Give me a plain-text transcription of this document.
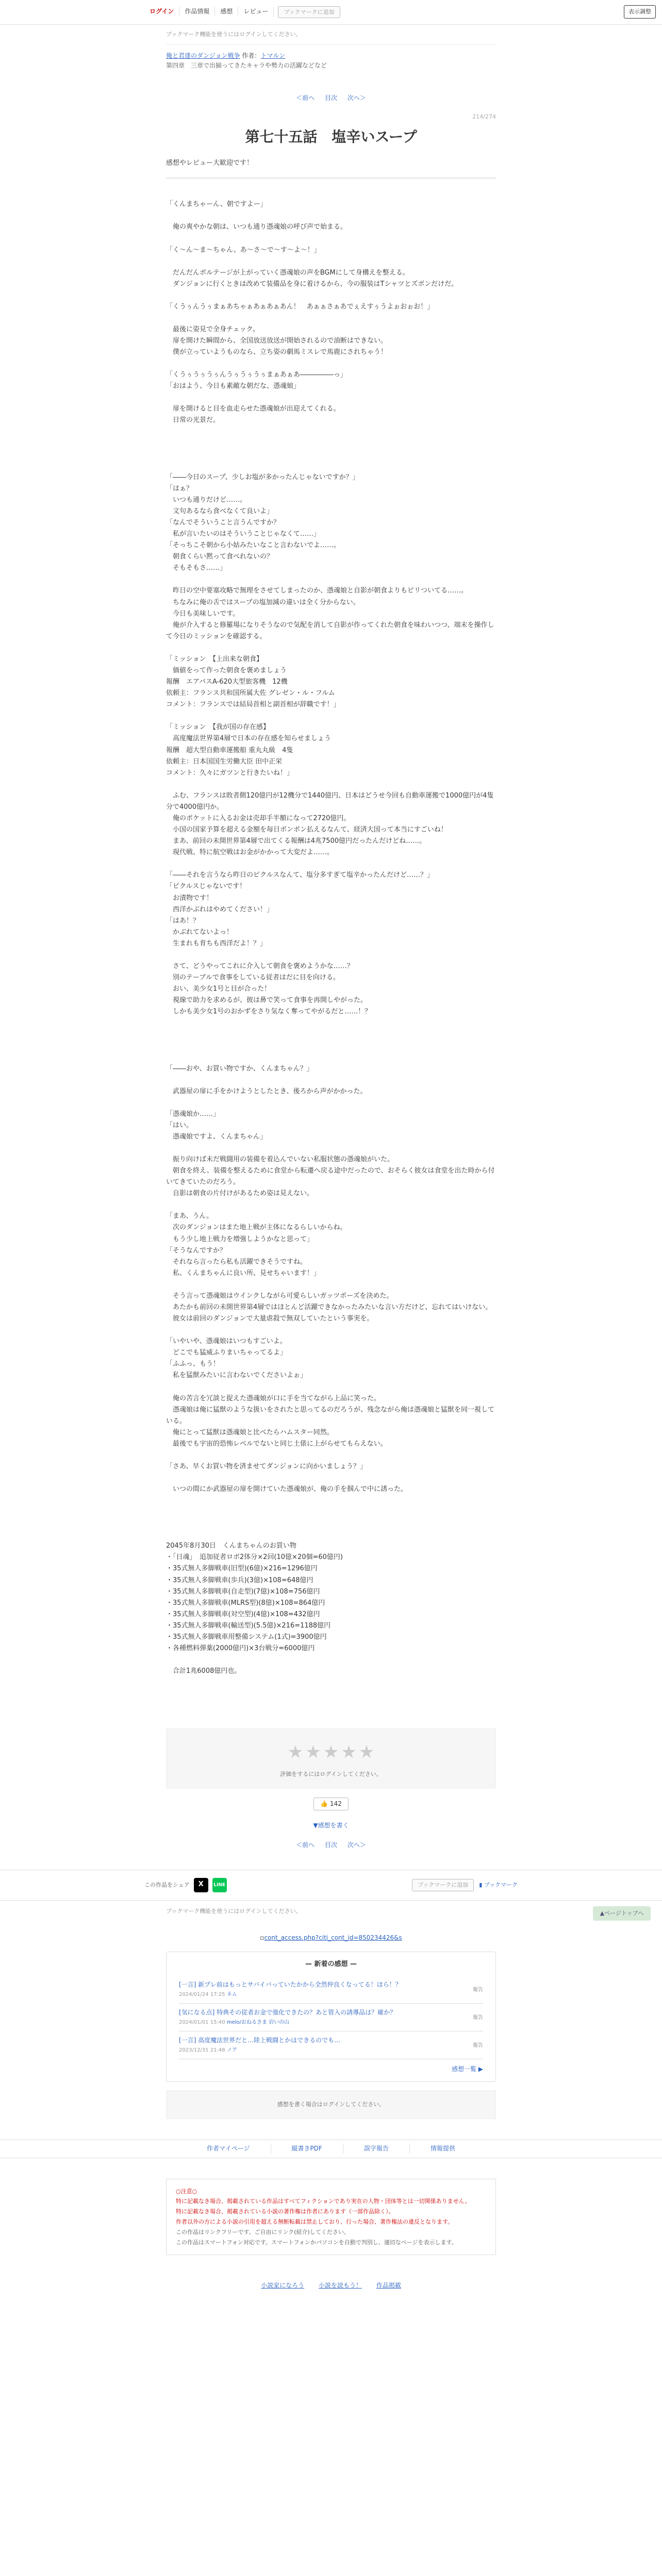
ログイン 作品情報 感想 レビュー	ブックマークに追加	表示調整
ブックマーク機能を使うにはログインしてください。
俺と君達のダンジョン戦争 作者：トマルン
第四章　三章で出揃ってきたキャラや勢力の活躍などなど
＜前へ 目次 次へ＞
214/274
第七十五話　塩辛いスープ
感想やレビュー大歓迎です！

「くんまちゃーん、朝ですよー」

　俺の爽やかな朝は、いつも通り憑魂娘の呼び声で始まる。

「く～ん～ま～ちゃん、あ～さ～で～す～よ～！」

　だんだんボルテージが上がっていく憑魂娘の声をBGMにして身構えを整える。

　ダンジョンに行くときは改めて装備品を身に着けるから、今の服装はTシャツとズボンだけだ。

「くうぅんうぅまぁあちゃぁあぁあぁあん！　あぁぁさぁあでぇえすぅうよぉおぉお！」

　最後に姿見で全身チェック。

　扉を開けた瞬間から、全国放送放送が開始されるので油断はできない。

　僕が立っていようものなら、立ち姿の劇馬ミスレで馬鹿にされちゃう！

「くうぅうぅうぅんうぅうぅうぅまぁあぁあ―――――っ」

「おはよう、今日も素敵な朝だな、憑魂娘」

　扉を開けると目を血走らせた憑魂娘が出迎えてくれる。

　日常の光景だ。

「――今日のスープ、少しお塩が多かったんじゃないですか？」

「はぁ？

　いつも通りだけど……。

　文句あるなら食べなくて良いよ」

「なんでそういうこと言うんですか？

　私が言いたいのはそういうことじゃなくて……」

「そっちこそ朝から小姑みたいなこと言わないでよ……。

　朝食くらい黙って食べれないの？

　そもそもさ……」

　昨日の空中要塞攻略で無理をさせてしまったのか、憑魂娘と自影が朝食よりもピリついてる……。

　ちなみに俺の舌ではスープの塩加減の違いは全く分からない。

　今日も美味しいです。

　俺が介入すると修羅場になりそうなので気配を消して自影が作ってくれた朝食を味わいつつ、端末を操作して今日のミッションを確認する。

「ミッション　【上出来な朝食】

　価値をって作った朝食を褒めましょう

報酬　エアバスA-620大型旅客機　12機

依頼主：フランス共和国所属大佐 グレゼン・ル・フルム

コメント：フランスでは結局首相と副首相が辞職です！」

「ミッション　【我が国の存在感】

　高度魔法世界第4層で日本の存在感を知らせましょう

報酬　超大型自動車運搬船 重丸丸級　4隻

依頼主：日本国国生労働大臣 田中正栄

コメント：久々にガツンと行きたいね！」

　ふむ、フランスは敗者側120億円が12機分で1440億円、日本はどうせ今回も自動車運搬で1000億円が4隻分で4000億円か。

　俺のポケットに入るお金は売却手半額になって2720億円。

　小国の国家予算を超える金額を毎日ポンポン払えるなんて、経済大国って本当にすごいね！

　まあ、前回の未開世界第4層で出てくる報酬は4兆7500億円だったんだけどね……。

　現代戦、特に航空戦はお金がかかって大変だよ……。

「――それを言うなら昨日のピクルスなんて、塩分多すぎて塩辛かったんだけど……？」

「ピクルスじゃないです！

　お漬物です！

　西洋かぶれはやめてください！」

「はあ！？

　かぶれてないよっ！

　生まれも育ちも西洋だよ！？」

　さて、どうやってこれに介入して朝食を褒めようかな……？

　別のテーブルで食事をしている従者はだに目を向ける。

　おい、美少女1号と目が合った！

　視線で助力を求めるが、彼は鼻で笑って食事を再開しやがった。

　しかも美少女1号のおかずをさり気なく奪ってやがるだと……！？

「――おや、お買い物ですか、くんまちゃん？」

　武器屋の扉に手をかけようとしたとき、後ろから声がかかった。

「憑魂娘か……」

「はい。

　憑魂娘ですよ、くんまちゃん」

　振り向けば未だ戦闘用の装備を着込んでいない私服状態の憑魂娘がいた。

　朝食を終え、装備を整えるために食堂から転遷へ戻る途中だったので、おそらく彼女は食堂を出た時から付いてきていたのだろう。

　自影は朝食の片付けがあるため姿は見えない。

「まあ、うん。

　次のダンジョンはまた地上戦が主体になるらしいからね。

　もう少し地上戦力を増強しようかなと思って」

「そうなんですか？

　それなら言ったら私も活躍できそうですね。

　私、くんまちゃんに良い所、見せちゃいます！」

　そう言って憑魂娘はウインクしながら可愛らしいガッツポーズを決めた。

　あたかも前回の未開世界第4層ではほとんど活躍できなかったみたいな言い方だけど、忘れてはいけない。

　彼女は前回のダンジョンで大量虐殺で無双していたという事実を。

「いやいや、憑魂娘はいつもすごいよ。

　どこでも猛威ふりまいちゃってるよ」

「ふふっ、もう！

　私を猛獣みたいに言わないでくださいよぉ」

　俺の苦言を冗談と捉えた憑魂娘が口に手を当てながら上品に笑った。

　憑魂娘は俺に猛獣のような扱いをされたと思ってるのだろうが、残念ながら俺は憑魂娘と猛獣を同一視している。

　俺にとって猛獣は憑魂娘と比べたらハムスター同然。

　最後でも宇宙的恐怖レベルでないと同じ土俵に上がらせてもらえない。

「さあ、早くお買い物を済ませてダンジョンに向かいましょう？」

　いつの間にか武器屋の扉を開けていた憑魂娘が、俺の手を掴んで中に誘った。

2045年8月30日　くんまちゃんのお買い物

・「日魂」　追加従者ロボ2体分×2回(10億×20個=60億円)

・35式無人多脚戦車(旧型)(6億)×216=1296億円

・35式無人多脚戦車(歩兵)(3億)×108=648億円

・35式無人多脚戦車(自走型)(7億)×108=756億円

・35式無人多脚戦車(MLRS型)(8億)×108=864億円

・35式無人多脚戦車(対空型)(4億)×108=432億円

・35式無人多脚戦車(輸送型)(5.5億)×216=1188億円

・35式無人多脚戦車用整備システム(1式)=3900億円

・各種燃料弾薬(2000億円)×3台戦分=6000億円

　合計1兆6008億円也。

★ ★ ★ ★ ★
評価をするにはログインしてください。
👍 142
▼感想を書く
＜前へ 目次 次へ＞
この作品をシェア	X	LINE	ブックマークに追加	▮ ブックマーク
ブックマーク機能を使うにはログインしてください。
▫cont_access.php?citi_cont_id=850234426&s
— 新着の感想 —
[一言] 新プレ前はもっとサバイバっていたかから全然仲良くなってる！ほら！？
2024/01/24 17:25 ネム
報告
[気になる点] 特典その従者お金で強化できたの？あと管入の誘導品は？確か？
2024/01/01 15:40 melo/おねるさま 岩いの山
報告
[一言] 高度魔法世界だと…陸上戦闘とかはできるのでも…
2023/12/31 21:48 ノア
報告
感想一覧 ▶
感想を書く場合はログインしてください。
作者マイページ	縦書きPDF	誤字報告	情報提供
○注意○
特に記載なき場合、掲載されている作品はすべてフィクションであり実在の人物・団体等とは一切関係ありません。
特に記載なき場合、掲載されている小説の著作権は作者にあります（一部作品除く）。
作者以外の方による小説の引用を超える無断転載は禁止しており、行った場合、著作権法の違反となります。
この作品はリンクフリーです。ご自由にリンク(紹介)してください。
この作品はスマートフォン対応です。スマートフォンかパソコンを自動で判別し、適切なページを表示します。
小説家になろう 小説を読もう！ 作品掲載
▲ページトップへ
